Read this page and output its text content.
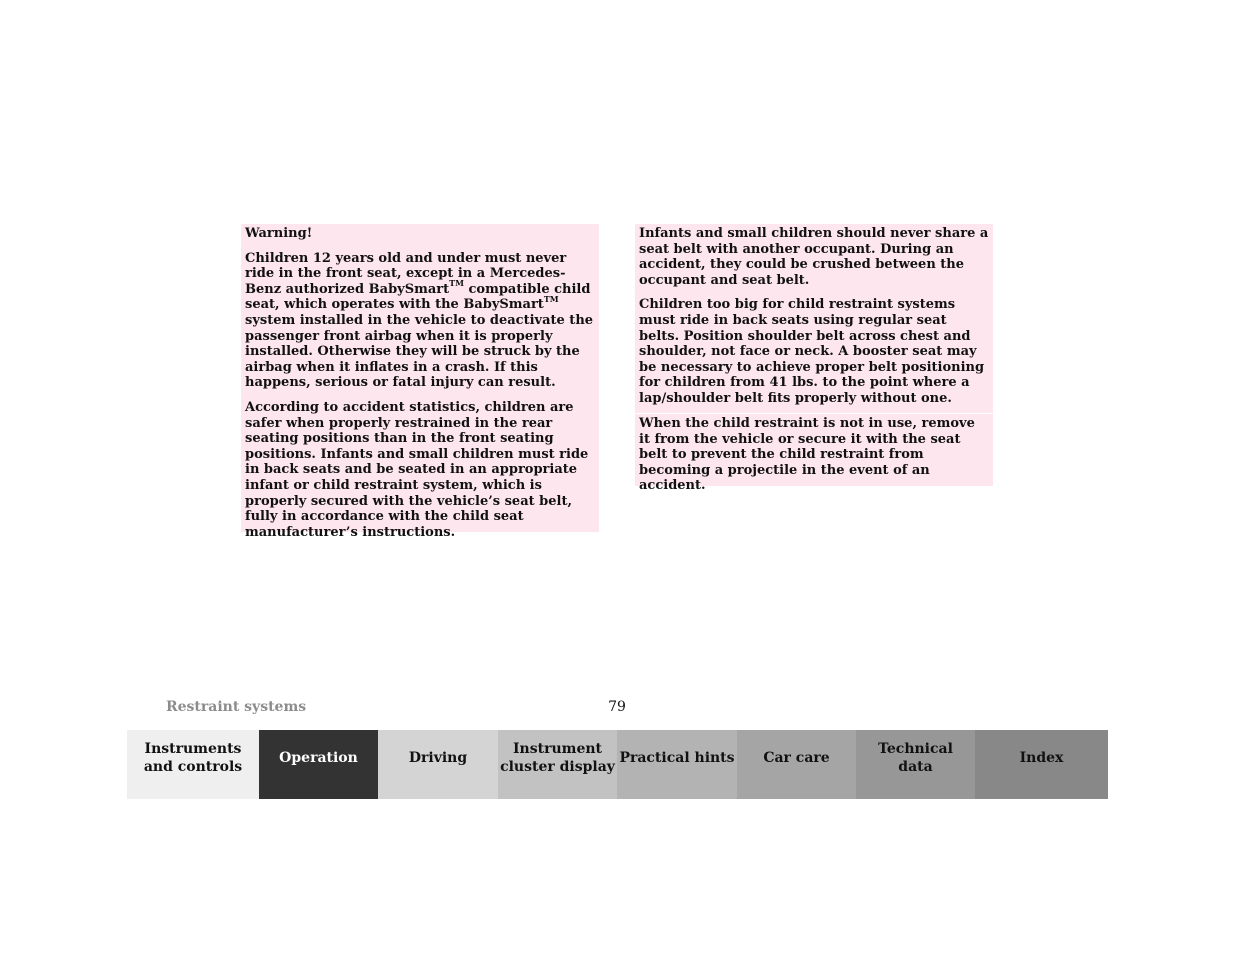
Warning!

Children 12 years old and under must never ride in the front seat, except in a Mercedes-Benz authorized BabySmart™ compatible child seat, which operates with the BabySmart™ system installed in the vehicle to deactivate the passenger front airbag when it is properly installed. Otherwise they will be struck by the airbag when it inflates in a crash. If this happens, serious or fatal injury can result.

According to accident statistics, children are safer when properly restrained in the rear seating positions than in the front seating positions. Infants and small children must ride in back seats and be seated in an appropriate infant or child restraint system, which is properly secured with the vehicle’s seat belt, fully in accordance with the child seat manufacturer’s instructions.

Infants and small children should never share a seat belt with another occupant. During an accident, they could be crushed between the occupant and seat belt.

Children too big for child restraint systems must ride in back seats using regular seat belts. Position shoulder belt across chest and shoulder, not face or neck. A booster seat may be necessary to achieve proper belt positioning for children from 41 lbs. to the point where a lap/shoulder belt fits properly without one.

When the child restraint is not in use, remove it from the vehicle or secure it with the seat belt to prevent the child restraint from becoming a projectile in the event of an accident.

Restraint systems	79
Instruments
and controls
Operation	Driving
Instrument
cluster display
Practical hints	Car care
Technical
data
Index
